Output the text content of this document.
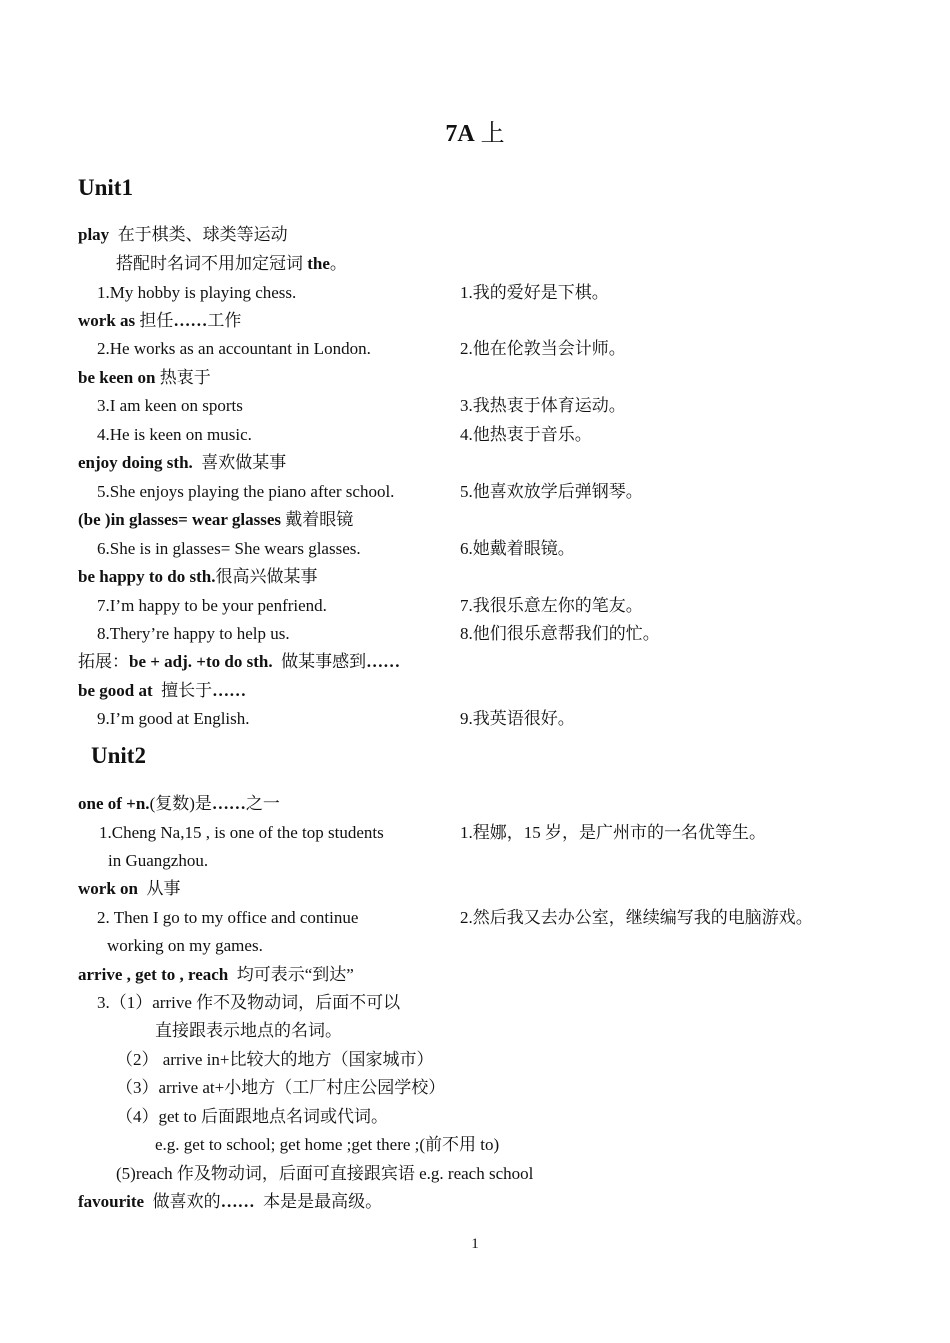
7A 上
Unit1
play 在于棋类、球类等运动
搭配时名词不用加定冠词 the。
1.My hobby is playing chess.	1.我的爱好是下棋。
work as 担任……工作
2.He works as an accountant in London.	2.他在伦敦当会计师。
be keen on 热衷于
3.I am keen on sports	3.我热衷于体育运动。
4.He is keen on music.	4.他热衷于音乐。
enjoy doing sth. 喜欢做某事
5.She enjoys playing the piano after school.	5.他喜欢放学后弹钢琴。
(be )in glasses= wear glasses 戴着眼镜
6.She is in glasses= She wears glasses.	6.她戴着眼镜。
be happy to do sth.很高兴做某事
7.I’m happy to be your penfriend.	7.我很乐意左你的笔友。
8.Thery’re happy to help us.	8.他们很乐意帮我们的忙。
拓展：be + adj. +to do sth. 做某事感到……
be good at 擅长于……
9.I’m good at English.	9.我英语很好。
Unit2
one of +n.(复数)是……之一
1.Cheng Na,15 , is one of the top students	1.程娜，15 岁，是广州市的一名优等生。
in Guangzhou.
work on 从事
2. Then I go to my office and continue	2.然后我又去办公室，继续编写我的电脑游戏。
working on my games.
arrive , get to , reach 均可表示“到达”
3.（1）arrive 作不及物动词，后面不可以
直接跟表示地点的名词。
（2） arrive in+比较大的地方（国家城市）
（3）arrive at+小地方（工厂村庄公园学校）
（4）get to 后面跟地点名词或代词。
e.g. get to school; get home ;get there ;(前不用 to)
(5)reach 作及物动词，后面可直接跟宾语 e.g. reach school
favourite 做喜欢的…… 本是是最高级。
1
